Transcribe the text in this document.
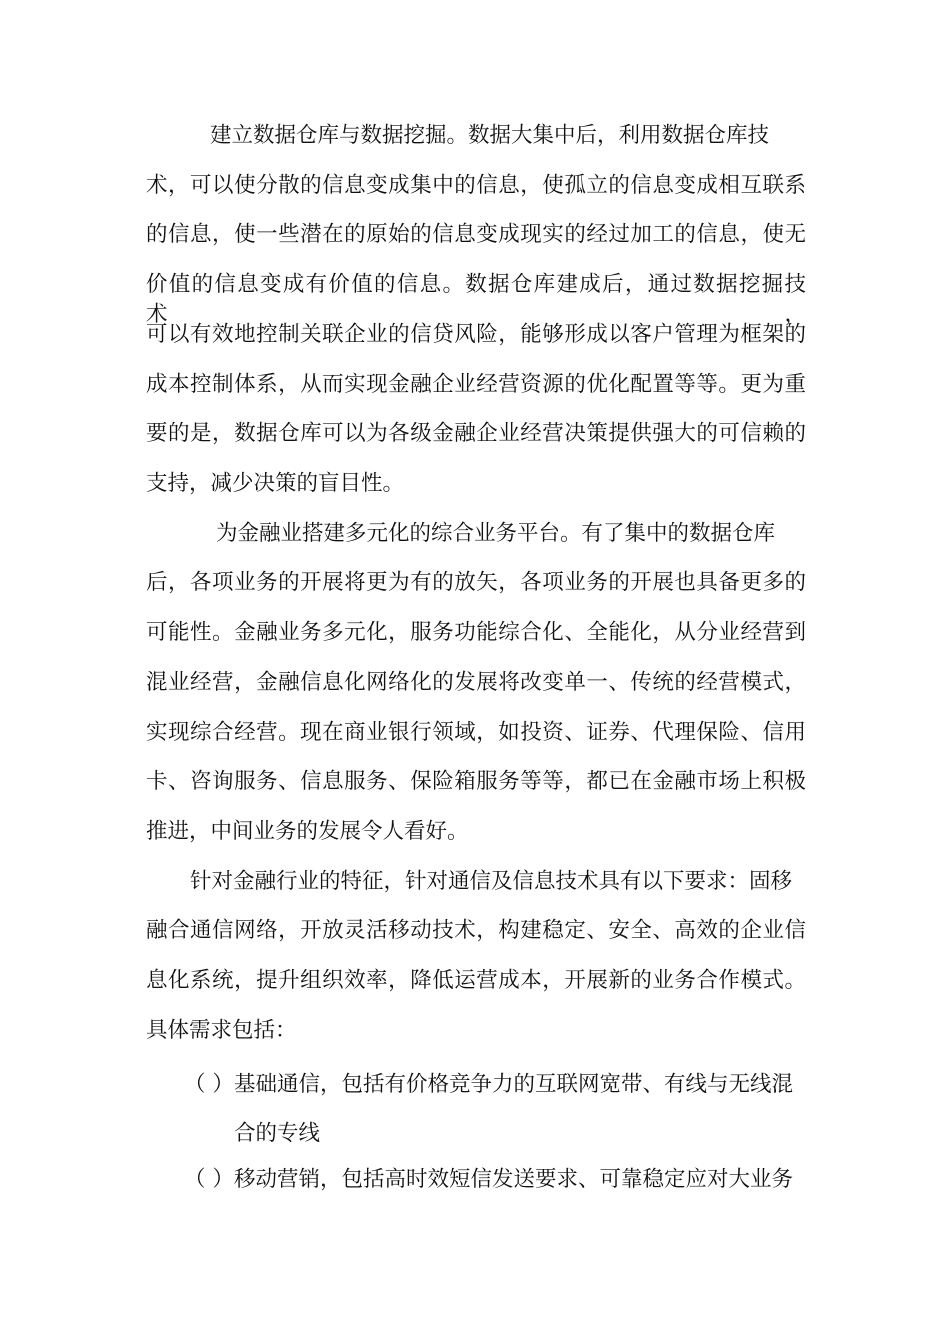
建立数据仓库与数据挖掘。数据大集中后，利用数据仓库技
术，可以使分散的信息变成集中的信息，使孤立的信息变成相互联系
的信息，使一些潜在的原始的信息变成现实的经过加工的信息，使无
价值的信息变成有价值的信息。数据仓库建成后，通过数据挖掘技术，
可以有效地控制关联企业的信贷风险，能够形成以客户管理为框架的
成本控制体系，从而实现金融企业经营资源的优化配置等等。更为重
要的是，数据仓库可以为各级金融企业经营决策提供强大的可信赖的
支持，减少决策的盲目性。
为金融业搭建多元化的综合业务平台。有了集中的数据仓库
后，各项业务的开展将更为有的放矢，各项业务的开展也具备更多的
可能性。金融业务多元化，服务功能综合化、全能化，从分业经营到
混业经营，金融信息化网络化的发展将改变单一、传统的经营模式，
实现综合经营。现在商业银行领域，如投资、证券、代理保险、信用
卡、咨询服务、信息服务、保险箱服务等等，都已在金融市场上积极
推进，中间业务的发展令人看好。
针对金融行业的特征，针对通信及信息技术具有以下要求：固移
融合通信网络，开放灵活移动技术，构建稳定、安全、高效的企业信
息化系统，提升组织效率，降低运营成本，开展新的业务合作模式。
具体需求包括：
（ ） 基础通信，包括有价格竞争力的互联网宽带、有线与无线混
合的专线
（ ） 移动营销，包括高时效短信发送要求、可靠稳定应对大业务
